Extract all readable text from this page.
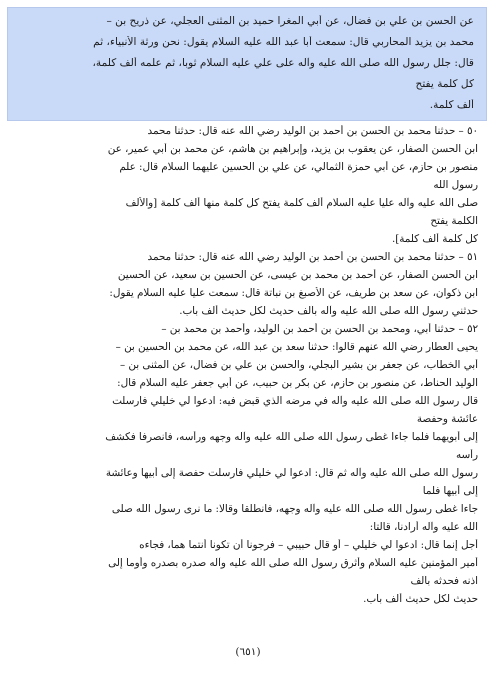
عن الحسن بن علي بن فضال، عن أبي المغرا حميد بن المثنى العجلي، عن ذريح بن –
محمد بن يزيد المحاربي قال: سمعت أبا عبد الله عليه السلام يقول: نحن ورثة الأنبياء، ثم
قال: جلل رسول الله صلى الله عليه وآله على علي عليه السلام ثوبا، ثم علمه ألف كلمة،
كل كلمة يفتح
ألف كلمة.
٥٠ – حدثنا محمد بن الحسن بن أحمد بن الوليد رضي الله عنه قال: حدثنا محمد
ابن الحسن الصفار، عن يعقوب بن يزيد، وإبراهيم بن هاشم، عن محمد بن أبي عمير، عن
منصور بن حازم، عن أبي حمزة الثمالي، عن علي بن الحسين عليهما السلام قال: علم
رسول الله
صلى الله عليه وآله عليا عليه السلام ألف كلمة يفتح كل كلمة منها ألف كلمة [والألف
الكلمة يفتح
كل كلمة ألف كلمة].
٥١ – حدثنا محمد بن الحسن بن أحمد بن الوليد رضي الله عنه قال: حدثنا محمد
ابن الحسن الصفار، عن أحمد بن محمد بن عيسى، عن الحسين بن سعيد، عن الحسين
ابن ذكوان، عن سعد بن طريف، عن الأصبغ بن نباتة قال: سمعت عليا عليه السلام يقول:
حدثني رسول الله صلى الله عليه وآله بألف حديث لكل حديث ألف باب.
٥٢ – حدثنا أبي، ومحمد بن الحسن بن أحمد بن الوليد، وأحمد بن محمد بن –
يحيى العطار رضي الله عنهم قالوا: حدثنا سعد بن عبد الله، عن محمد بن الحسين بن –
أبي الخطاب، عن جعفر بن بشير البجلي، والحسن بن علي بن فضال، عن المثنى بن –
الوليد الحناط، عن منصور بن حازم، عن بكر بن حبيب، عن أبي جعفر عليه السلام قال:
قال رسول الله صلى الله عليه وآله في مرضه الذي قبض فيه: ادعوا لي خليلي فأرسلت
عائشة وحفصة
إلى أبويهما فلما جاءا غطى رسول الله صلى الله عليه وآله وجهه ورأسه، فانصرفا فكشف
رأسه
رسول الله صلى الله عليه وآله ثم قال: ادعوا لي خليلي فأرسلت حفصة إلى أبيها وعائشة
إلى أبيها فلما
جاءا غطى رسول الله صلى الله عليه وآله وجهه، فانطلقا وقالا: ما نرى رسول الله صلى
الله عليه وآله أرادنا، قالتا:
أجل إنما قال: ادعوا لي خليلي – أو قال حبيبي – فرجونا أن تكونا أنتما هما، فجاءه
أمير المؤمنين عليه السلام وأثرق رسول الله صلى الله عليه وآله صدره بصدره وأومأ إلى
اذنه فحدثه بألف
حديث لكل حديث ألف باب.
(٦٥١)
